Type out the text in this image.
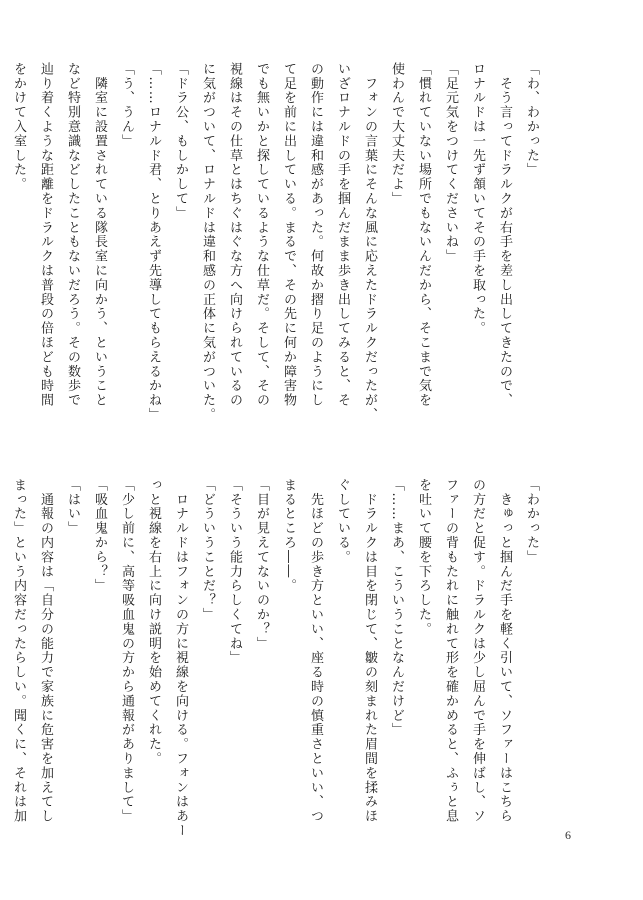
「わ、わかった」
　そう言ってドラルクが右手を差し出してきたので、
ロナルドは一先ず頷いてその手を取った。
「足元気をつけてくださいね」
「慣れていない場所でもないんだから、そこまで気を
使わんで大丈夫だよ」
　フォンの言葉にそんな風に応えたドラルクだったが、
いざロナルドの手を掴んだまま歩き出してみると、そ
の動作には違和感があった。何故か摺り足のようにし
て足を前に出している。まるで、その先に何か障害物
でも無いかと探しているような仕草だ。そして、その
視線はその仕草とはちぐはぐな方へ向けられているの
に気がついて、ロナルドは違和感の正体に気がついた。
「ドラ公、もしかして」
「……ロナルド君、とりあえず先導してもらえるかね」
「う、うん」
　隣室に設置されている隊長室に向かう、ということ
など特別意識などしたこともないだろう。その数歩で
辿り着くような距離をドラルクは普段の倍ほども時間
をかけて入室した。
「わかった」
　きゅっと掴んだ手を軽く引いて、ソファーはこちら
の方だと促す。ドラルクは少し屈んで手を伸ばし、ソ
ファーの背もたれに触れて形を確かめると、ふぅと息
を吐いて腰を下ろした。
「……まあ、こういうことなんだけど」
　ドラルクは目を閉じて、皺の刻まれた眉間を揉みほ
ぐしている。
　先ほどの歩き方といい、座る時の慎重さといい、つ
まるところ――。
「目が見えてないのか？」
「そういう能力らしくてね」
「どういうことだ？」
　ロナルドはフォンの方に視線を向ける。フォンはあー
っと視線を右上に向け説明を始めてくれた。
「少し前に、高等吸血鬼の方から通報がありまして」
「吸血鬼から？」
「はい」
　通報の内容は「自分の能力で家族に危害を加えてし
まった」という内容だったらしい。聞くに、それは加
6
